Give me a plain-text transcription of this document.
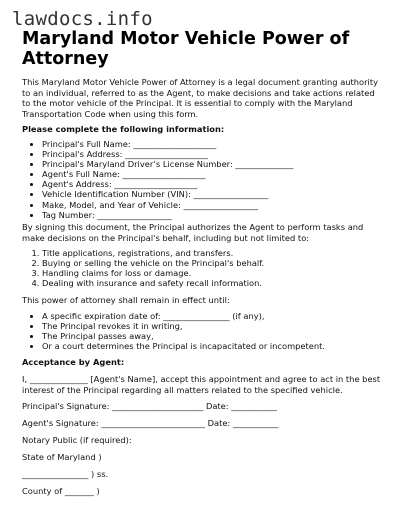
lawdocs.info
Maryland Motor Vehicle Power of Attorney

This Maryland Motor Vehicle Power of Attorney is a legal document granting authority to an individual, referred to as the Agent, to make decisions and take actions related to the motor vehicle of the Principal. It is essential to comply with the Maryland Transportation Code when using this form.

Please complete the following information:

• Principal's Full Name: ____________________
• Principal's Address: ____________________
• Principal's Maryland Driver’s License Number: ______________
• Agent's Full Name: ____________________
• Agent's Address: ____________________
• Vehicle Identification Number (VIN): __________________
• Make, Model, and Year of Vehicle: __________________
• Tag Number: __________________

By signing this document, the Principal authorizes the Agent to perform tasks and make decisions on the Principal's behalf, including but not limited to:

1. Title applications, registrations, and transfers.
2. Buying or selling the vehicle on the Principal's behalf.
3. Handling claims for loss or damage.
4. Dealing with insurance and safety recall information.

This power of attorney shall remain in effect until:

• A specific expiration date of: ________________ (if any),
• The Principal revokes it in writing,
• The Principal passes away,
• Or a court determines the Principal is incapacitated or incompetent.

Acceptance by Agent:

I, ______________ [Agent's Name], accept this appointment and agree to act in the best interest of the Principal regarding all matters related to the specified vehicle.

Principal's Signature: ______________________ Date: ___________

Agent's Signature: _________________________ Date: ___________

Notary Public (if required):

State of Maryland )

________________ ) ss.

County of _______ )
